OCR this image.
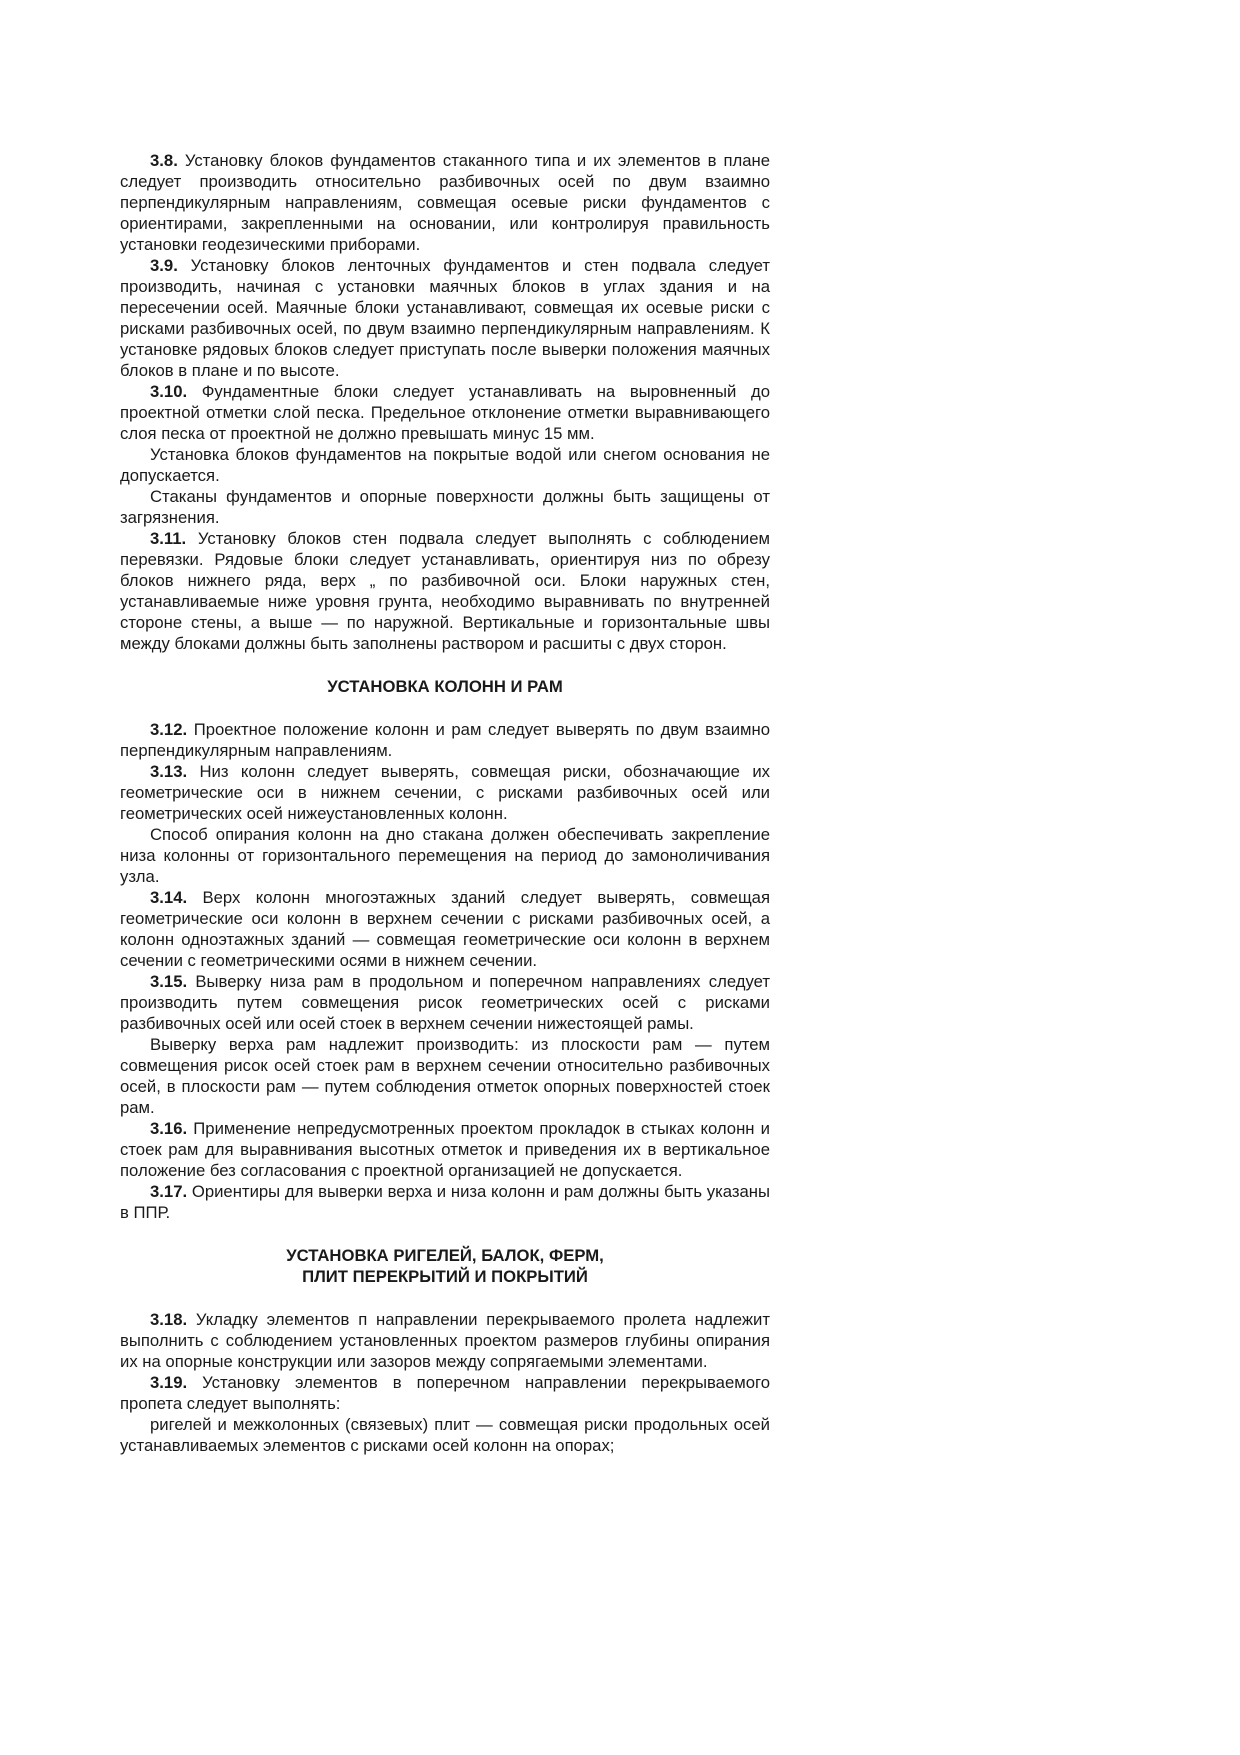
3.8. Установку блоков фундаментов стаканного типа и их элементов в плане следует производить относительно разбивочных осей по двум взаимно перпендикулярным направлениям, совмещая осевые риски фундаментов с ориентирами, закрепленными на основании, или контролируя правильность установки геодезическими приборами.

3.9. Установку блоков ленточных фундаментов и стен подвала следует производить, начиная с установки маячных блоков в углах здания и на пересечении осей. Маячные блоки устанавливают, совмещая их осевые риски с рисками разбивочных осей, по двум взаимно перпендикулярным направлениям. К установке рядовых блоков следует приступать после выверки положения маячных блоков в плане и по высоте.

3.10. Фундаментные блоки следует устанавливать на выровненный до проектной отметки слой песка. Предельное отклонение отметки выравнивающего слоя песка от проектной не должно превышать минус 15 мм.

Установка блоков фундаментов на покрытые водой или снегом основания не допускается.

Стаканы фундаментов и опорные поверхности должны быть защищены от загрязнения.

3.11. Установку блоков стен подвала следует выполнять с соблюдением перевязки. Рядовые блоки следует устанавливать, ориентируя низ по обрезу блоков нижнего ряда, верх „ по разбивочной оси. Блоки наружных стен, устанавливаемые ниже уровня грунта, необходимо выравнивать по внутренней стороне стены, а выше — по наружной. Вертикальные и горизонтальные швы между блоками должны быть заполнены раствором и расшиты с двух сторон.

УСТАНОВКА КОЛОНН И РАМ

3.12. Проектное положение колонн и рам следует выверять по двум взаимно перпендикулярным направлениям.

3.13. Низ колонн следует выверять, совмещая риски, обозначающие их геометрические оси в нижнем сечении, с рисками разбивочных осей или геометрических осей нижеустановленных колонн.

Способ опирания колонн на дно стакана должен обеспечивать закрепление низа колонны от горизонтального перемещения на период до замоноличивания узла.

3.14. Верх колонн многоэтажных зданий следует выверять, совмещая геометрические оси колонн в верхнем сечении с рисками разбивочных осей, а колонн одноэтажных зданий — совмещая геометрические оси колонн в верхнем сечении с геометрическими осями в нижнем сечении.

3.15. Выверку низа рам в продольном и поперечном направлениях следует производить путем совмещения рисок геометрических осей с рисками разбивочных осей или осей стоек в верхнем сечении нижестоящей рамы.

Выверку верха рам надлежит производить: из плоскости рам — путем совмещения рисок осей стоек рам в верхнем сечении относительно разбивочных осей, в плоскости рам — путем соблюдения отметок опорных поверхностей стоек рам.

3.16. Применение непредусмотренных проектом прокладок в стыках колонн и стоек рам для выравнивания высотных отметок и приведения их в вертикальное положение без согласования с проектной организацией не допускается.

3.17. Ориентиры для выверки верха и низа колонн и рам должны быть указаны в ППР.

УСТАНОВКА РИГЕЛЕЙ, БАЛОК, ФЕРМ,
ПЛИТ ПЕРЕКРЫТИЙ И ПОКРЫТИЙ

3.18. Укладку элементов п направлении перекрываемого пролета надлежит выполнить с соблюдением установленных проектом размеров глубины опирания их на опорные конструкции или зазоров между сопрягаемыми элементами.

3.19. Установку элементов в поперечном направлении перекрываемого пропета следует выполнять:

ригелей и межколонных (связевых) плит — совмещая риски продольных осей устанавливаемых элементов с рисками осей колонн на опорах;
